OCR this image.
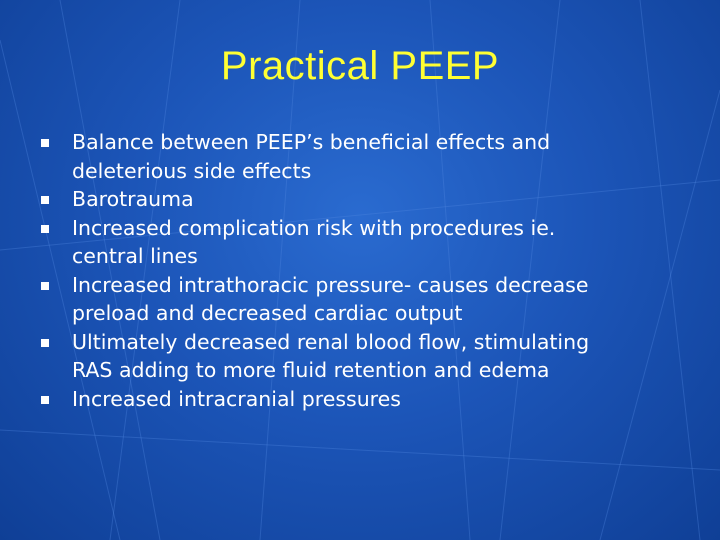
Practical PEEP
Balance between PEEP’s beneficial effects and
deleterious side effects
Barotrauma
Increased complication risk with procedures ie.
central lines
Increased intrathoracic pressure- causes decrease
preload and decreased cardiac output
Ultimately decreased renal blood flow, stimulating
RAS adding to more fluid retention and edema
Increased intracranial pressures
